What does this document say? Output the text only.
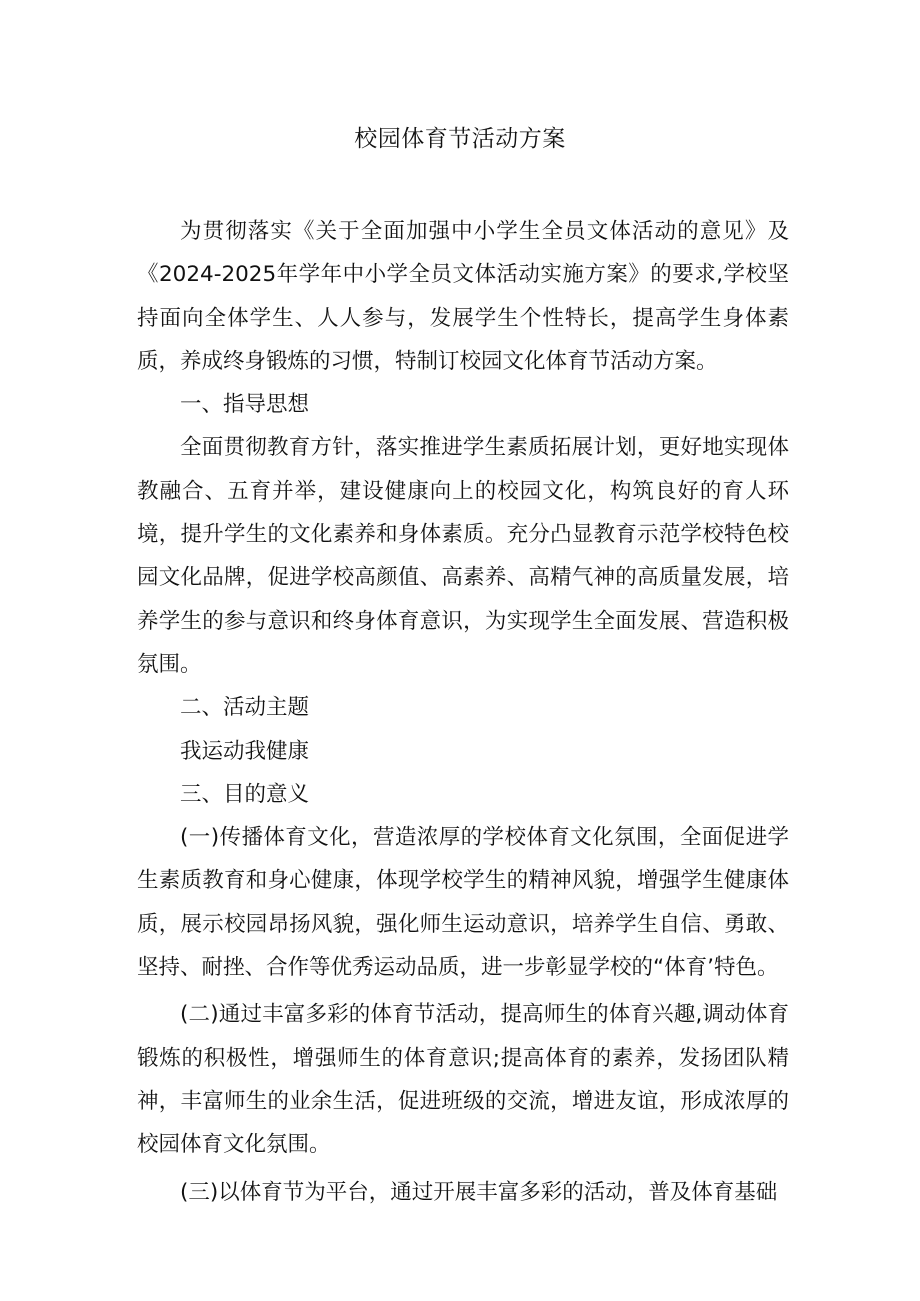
校园体育节活动方案

为贯彻落实《关于全面加强中小学生全员文体活动的意见》及《2024-2025年学年中小学全员文体活动实施方案》的要求,学校坚持面向全体学生、人人参与，发展学生个性特长，提高学生身体素质，养成终身锻炼的习惯，特制订校园文化体育节活动方案。

一、指导思想

全面贯彻教育方针，落实推进学生素质拓展计划，更好地实现体教融合、五育并举，建设健康向上的校园文化，构筑良好的育人环境，提升学生的文化素养和身体素质。充分凸显教育示范学校特色校园文化品牌，促进学校高颜值、高素养、高精气神的高质量发展，培养学生的参与意识和终身体育意识，为实现学生全面发展、营造积极氛围。

二、活动主题

我运动我健康

三、目的意义

(一)传播体育文化，营造浓厚的学校体育文化氛围，全面促进学生素质教育和身心健康，体现学校学生的精神风貌，增强学生健康体质，展示校园昂扬风貌，强化师生运动意识，培养学生自信、勇敢、坚持、耐挫、合作等优秀运动品质，进一步彰显学校的“体育’特色。

(二)通过丰富多彩的体育节活动，提高师生的体育兴趣,调动体育锻炼的积极性，增强师生的体育意识;提高体育的素养，发扬团队精神，丰富师生的业余生活，促进班级的交流，增进友谊，形成浓厚的校园体育文化氛围。

(三)以体育节为平台，通过开展丰富多彩的活动，普及体育基础
